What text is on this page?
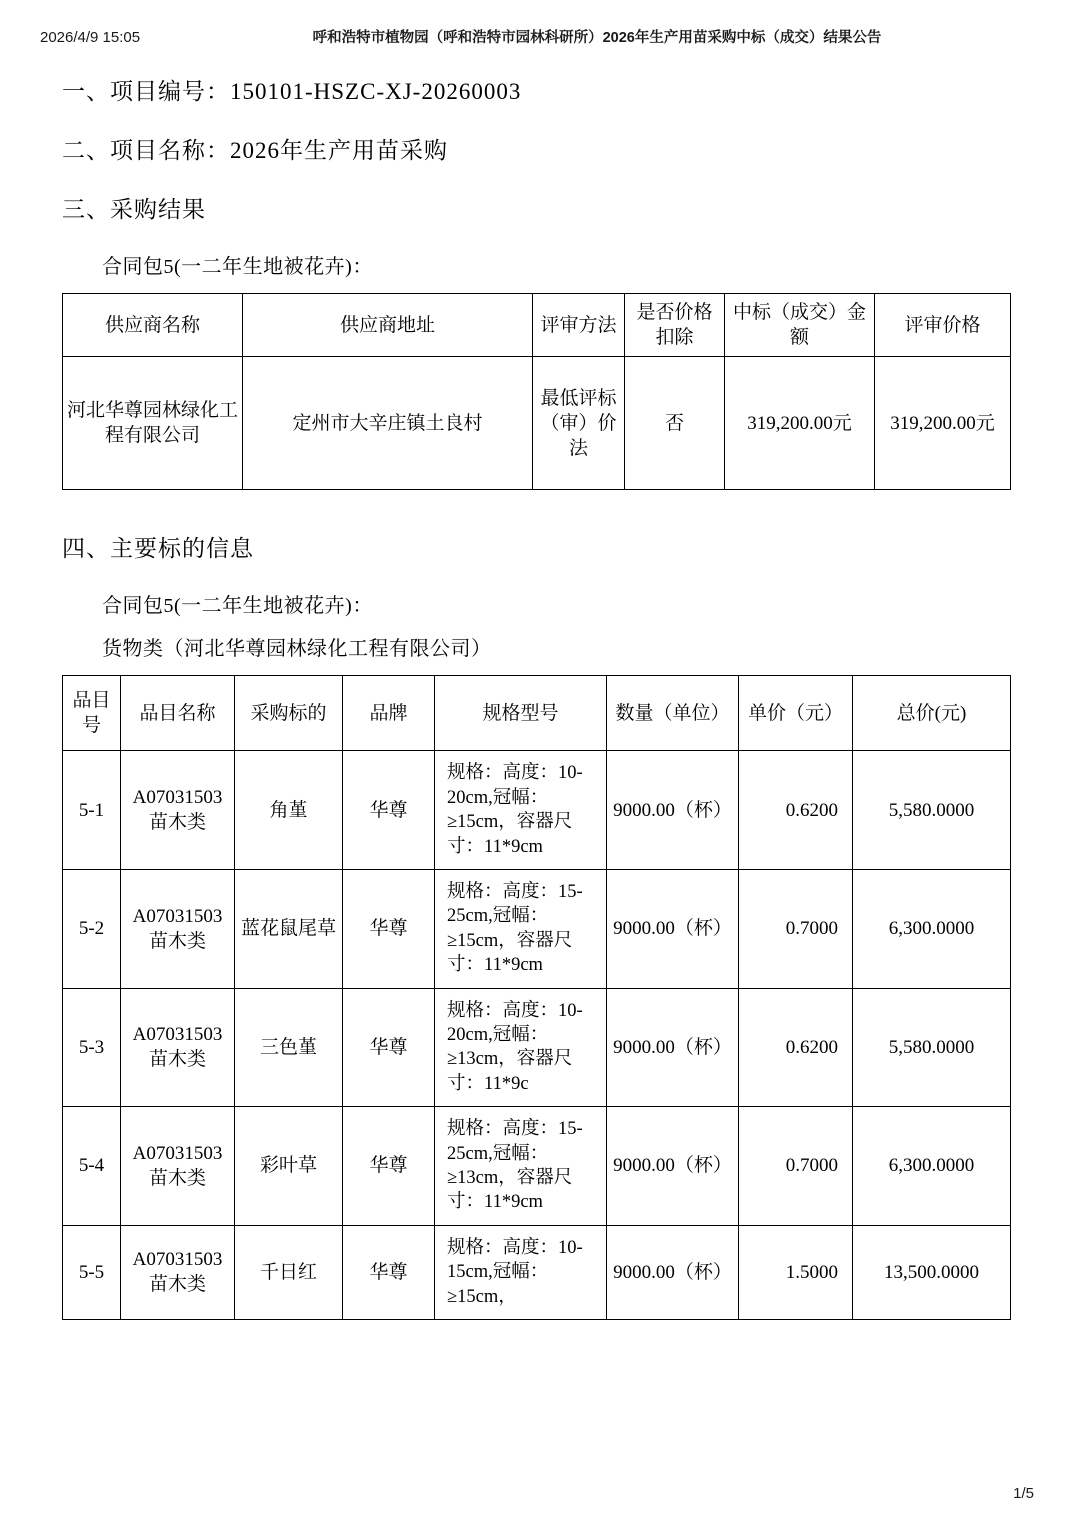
2026/4/9 15:05	呼和浩特市植物园（呼和浩特市园林科研所）2026年生产用苗采购中标（成交）结果公告

一、项目编号：150101-HSZC-XJ-20260003

二、项目名称：2026年生产用苗采购

三、采购结果

合同包5(一二年生地被花卉)：

供应商名称	供应商地址	评审方法	是否价格扣除	中标（成交）金额	评审价格
河北华尊园林绿化工程有限公司	定州市大辛庄镇土良村	最低评标（审）价法	否	319,200.00元	319,200.00元

四、主要标的信息

合同包5(一二年生地被花卉)：

货物类（河北华尊园林绿化工程有限公司）

品目号	品目名称	采购标的	品牌	规格型号	数量（单位）	单价（元）	总价(元)
5-1	A07031503 苗木类	角堇	华尊	规格：高度：10-20cm,冠幅：≥15cm，容器尺寸：11*9cm	9000.00（杯）	0.6200	5,580.0000
5-2	A07031503 苗木类	蓝花鼠尾草	华尊	规格：高度：15-25cm,冠幅：≥15cm，容器尺寸：11*9cm	9000.00（杯）	0.7000	6,300.0000
5-3	A07031503 苗木类	三色堇	华尊	规格：高度：10-20cm,冠幅：≥13cm，容器尺寸：11*9c	9000.00（杯）	0.6200	5,580.0000
5-4	A07031503 苗木类	彩叶草	华尊	规格：高度：15-25cm,冠幅：≥13cm，容器尺寸：11*9cm	9000.00（杯）	0.7000	6,300.0000
5-5	A07031503 苗木类	千日红	华尊	规格：高度：10-15cm,冠幅：≥15cm，	9000.00（杯）	1.5000	13,500.0000
1/5
